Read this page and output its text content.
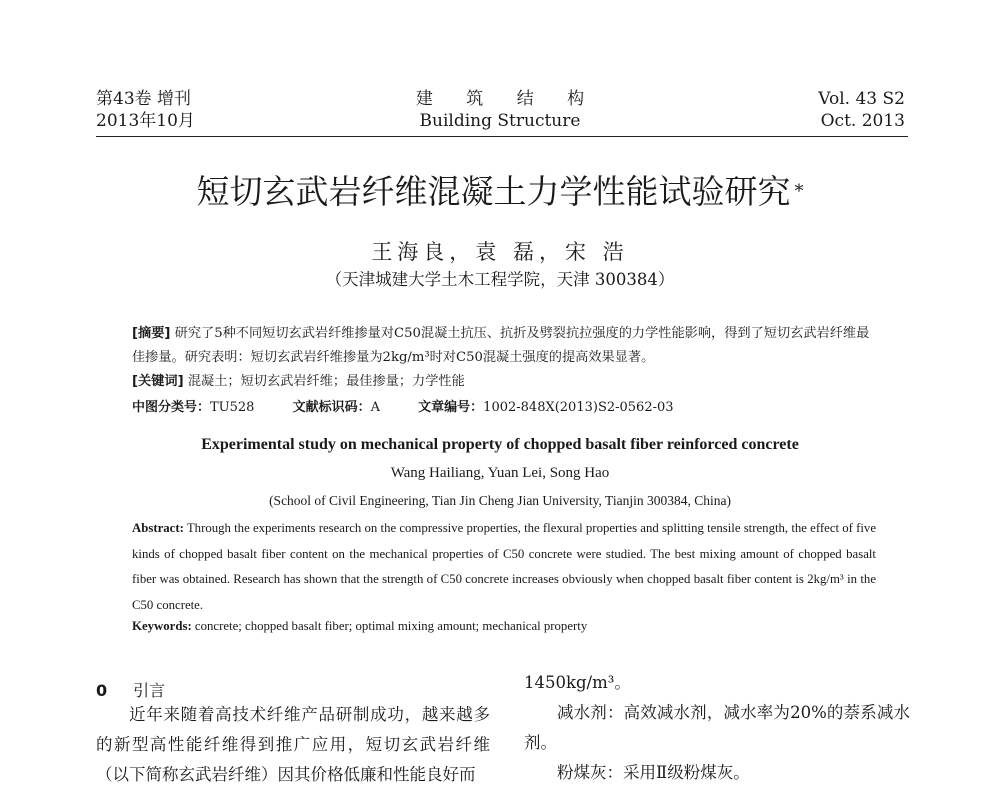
第43卷 增刊
2013年10月
建 筑 结 构
Building Structure
Vol. 43 S2
Oct. 2013
短切玄武岩纤维混凝土力学性能试验研究 *
王海良，袁 磊，宋 浩
（天津城建大学土木工程学院，天津 300384）
[摘要] 研究了5种不同短切玄武岩纤维掺量对C50混凝土抗压、抗折及劈裂抗拉强度的力学性能影响，得到了短切玄武岩纤维最佳掺量。研究表明：短切玄武岩纤维掺量为2kg/m³时对C50混凝土强度的提高效果显著。
[关键词] 混凝土；短切玄武岩纤维；最佳掺量；力学性能
中图分类号：TU528	文献标识码：A	文章编号：1002-848X(2013)S2-0562-03
Experimental study on mechanical property of chopped basalt fiber reinforced concrete
Wang Hailiang, Yuan Lei, Song Hao
(School of Civil Engineering, Tian Jin Cheng Jian University, Tianjin 300384, China)
Abstract: Through the experiments research on the compressive properties, the flexural properties and splitting tensile strength, the effect of five kinds of chopped basalt fiber content on the mechanical properties of C50 concrete were studied. The best mixing amount of chopped basalt fiber was obtained. Research has shown that the strength of C50 concrete increases obviously when chopped basalt fiber content is 2kg/m³ in the C50 concrete.
Keywords: concrete; chopped basalt fiber; optimal mixing amount; mechanical property
0 引言
近年来随着高技术纤维产品研制成功，越来越多的新型高性能纤维得到推广应用，短切玄武岩纤维（以下简称玄武岩纤维）因其价格低廉和性能良好而

1450kg/m³。

减水剂：高效减水剂，减水率为20%的萘系减水剂。

粉煤灰：采用Ⅱ级粉煤灰。
